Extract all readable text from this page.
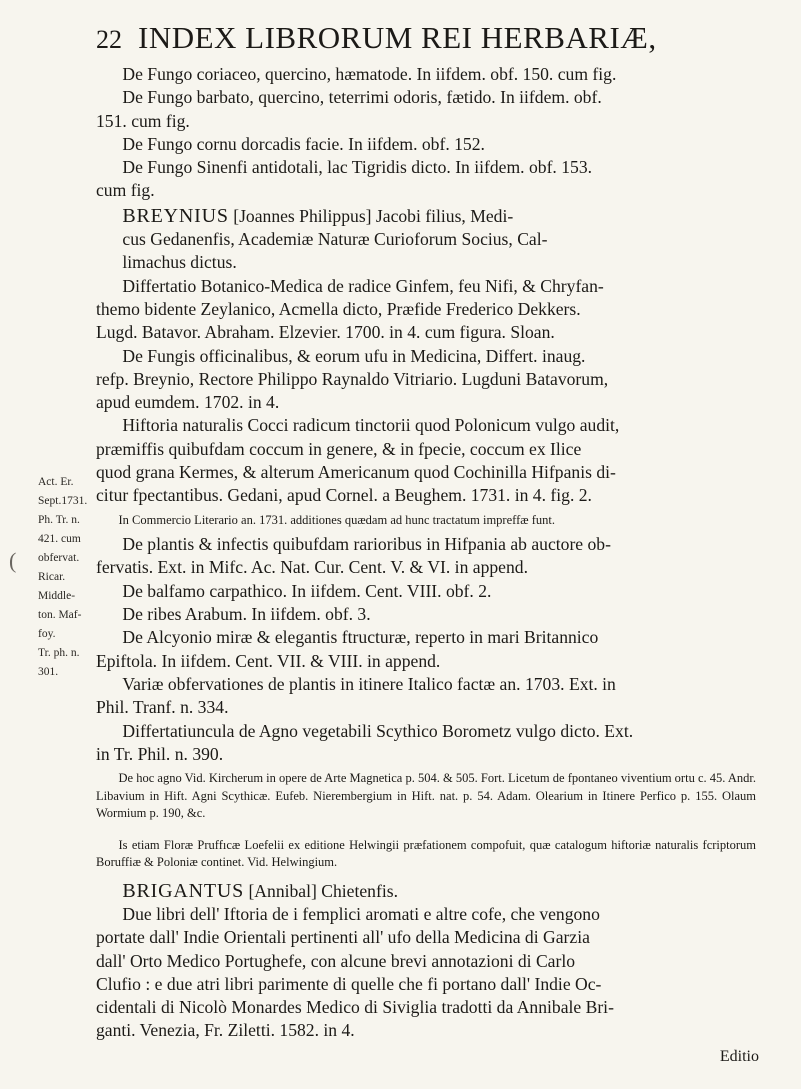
22 INDEX LIBRORUM REI HERBARIÆ,
(
Act. Er.
Sept.1731.
Ph. Tr. n.
421. cum
obfervat.
Ricar.
Middle-
ton. Maf-
foy.
Tr. ph. n.
301.

De Fungo coriaceo, quercino, hæmatode. In iifdem. obf. 150. cum fig.

De Fungo barbato, quercino, teterrimi odoris, fætido. In iifdem. obf.
151. cum fig.

De Fungo cornu dorcadis facie. In iifdem. obf. 152.

De Fungo Sinenfi antidotali, lac Tigridis dicto. In iifdem. obf. 153.
cum fig.

BREYNIUS [Joannes Philippus] Jacobi filius, Medi-
cus Gedanenfis, Academiæ Naturæ Curioforum Socius, Cal-
limachus dictus.

Differtatio Botanico-Medica de radice Ginfem, feu Nifi, & Chryfan-
themo bidente Zeylanico, Acmella dicto, Præfide Frederico Dekkers.
Lugd. Batavor. Abraham. Elzevier. 1700. in 4. cum figura. Sloan.

De Fungis officinalibus, & eorum ufu in Medicina, Differt. inaug.
refp. Breynio, Rectore Philippo Raynaldo Vitriario. Lugduni Batavorum,
apud eumdem. 1702. in 4.

Hiftoria naturalis Cocci radicum tinctorii quod Polonicum vulgo audit,
præmiffis quibufdam coccum in genere, & in fpecie, coccum ex Ilice
quod grana Kermes, & alterum Americanum quod Cochinilla Hifpanis di-
citur fpectantibus. Gedani, apud Cornel. a Beughem. 1731. in 4. fig. 2.

In Commercio Literario an. 1731. additiones quædam ad hunc tractatum impreffæ funt.

De plantis & infectis quibufdam rarioribus in Hifpania ab auctore ob-
fervatis. Ext. in Mifc. Ac. Nat. Cur. Cent. V. & VI. in append.

De balfamo carpathico. In iifdem. Cent. VIII. obf. 2.

De ribes Arabum. In iifdem. obf. 3.

De Alcyonio miræ & elegantis ftructuræ, reperto in mari Britannico
Epiftola. In iifdem. Cent. VII. & VIII. in append.

Variæ obfervationes de plantis in itinere Italico factæ an. 1703. Ext. in
Phil. Tranf. n. 334.

Differtatiuncula de Agno vegetabili Scythico Borometz vulgo dicto. Ext.
in Tr. Phil. n. 390.

De hoc agno Vid. Kircherum in opere de Arte Magnetica p. 504. & 505. Fort. Licetum de fpontaneo viventium ortu c. 45. Andr. Libavium in Hift. Agni Scythicæ. Eufeb. Nierembergium in Hift. nat. p. 54. Adam. Olearium in Itinere Perfico p. 155. Olaum Wormium p. 190, &c.

Is etiam Floræ Pruffıcæ Loefelii ex editione Helwingii præfationem compofuit, quæ catalogum hiftoriæ naturalis fcriptorum Boruffiæ & Poloniæ continet. Vid. Helwingium.

BRIGANTUS [Annibal] Chietenfis.

Due libri dell' Iftoria de i femplici aromati e altre cofe, che vengono
portate dall' Indie Orientali pertinenti all' ufo della Medicina di Garzia
dall' Orto Medico Portughefe, con alcune brevi annotazioni di Carlo
Clufio : e due atri libri parimente di quelle che fi portano dall' Indie Oc-
cidentali di Nicolò Monardes Medico di Siviglia tradotti da Annibale Bri-
ganti. Venezia, Fr. Ziletti. 1582. in 4.

Editio
